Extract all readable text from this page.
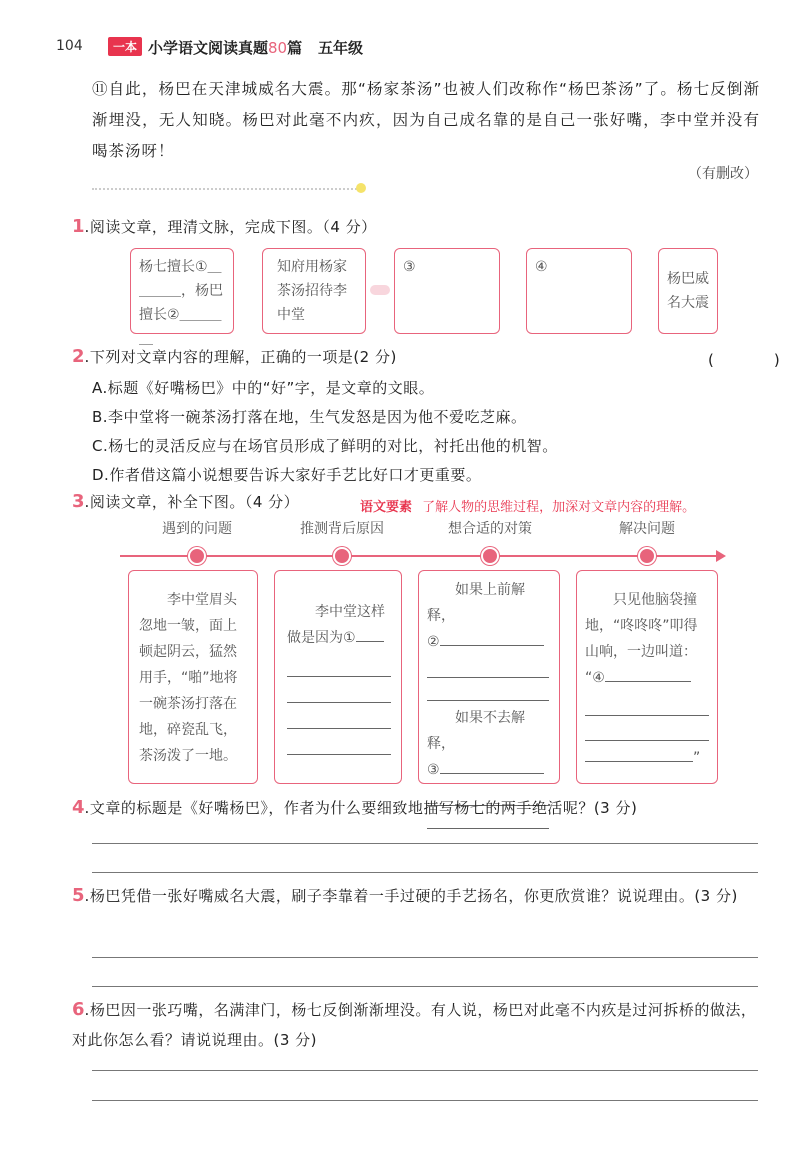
104	一本 小学语文阅读真题80篇 五年级
⑪自此，杨巴在天津城威名大震。那“杨家茶汤”也被人们改称作“杨巴茶汤”了。杨七反倒渐渐埋没，无人知晓。杨巴对此毫不内疚，因为自己成名靠的是自己一张好嘴，李中堂并没有喝茶汤呀！
（有删改）
1.阅读文章，理清文脉，完成下图。（4 分）
杨七擅长①＿＿＿＿，杨巴擅长②＿＿＿＿
知府用杨家茶汤招待李中堂
③	④
杨巴威名大震
2.下列对文章内容的理解，正确的一项是(2 分)	(　　)
A.标题《好嘴杨巴》中的“好”字，是文章的文眼。
B.李中堂将一碗茶汤打落在地，生气发怒是因为他不爱吃芝麻。
C.杨七的灵活反应与在场官员形成了鲜明的对比，衬托出他的机智。
D.作者借这篇小说想要告诉大家好手艺比好口才更重要。
3.阅读文章，补全下图。（4 分）	语文要素 了解人物的思维过程，加深对文章内容的理解。
遇到的问题	推测背后原因	想合适的对策	解决问题
李中堂眉头忽地一皱，面上顿起阴云，猛然用手，“啪”地将一碗茶汤打落在地，碎瓷乱飞，茶汤泼了一地。
李中堂这样做是因为①
如果上前解释，
②
如果不去解释，
③
只见他脑袋撞地，“咚咚咚”叩得山响，一边叫道：
“④
”
4.文章的标题是《好嘴杨巴》，作者为什么要细致地描写杨七的两手绝活呢？(3 分)
5.杨巴凭借一张好嘴威名大震，刷子李靠着一手过硬的手艺扬名，你更欣赏谁？说说理由。(3 分)
6.杨巴因一张巧嘴，名满津门，杨七反倒渐渐埋没。有人说，杨巴对此毫不内疚是过河拆桥的做法，对此你怎么看？请说说理由。(3 分)
